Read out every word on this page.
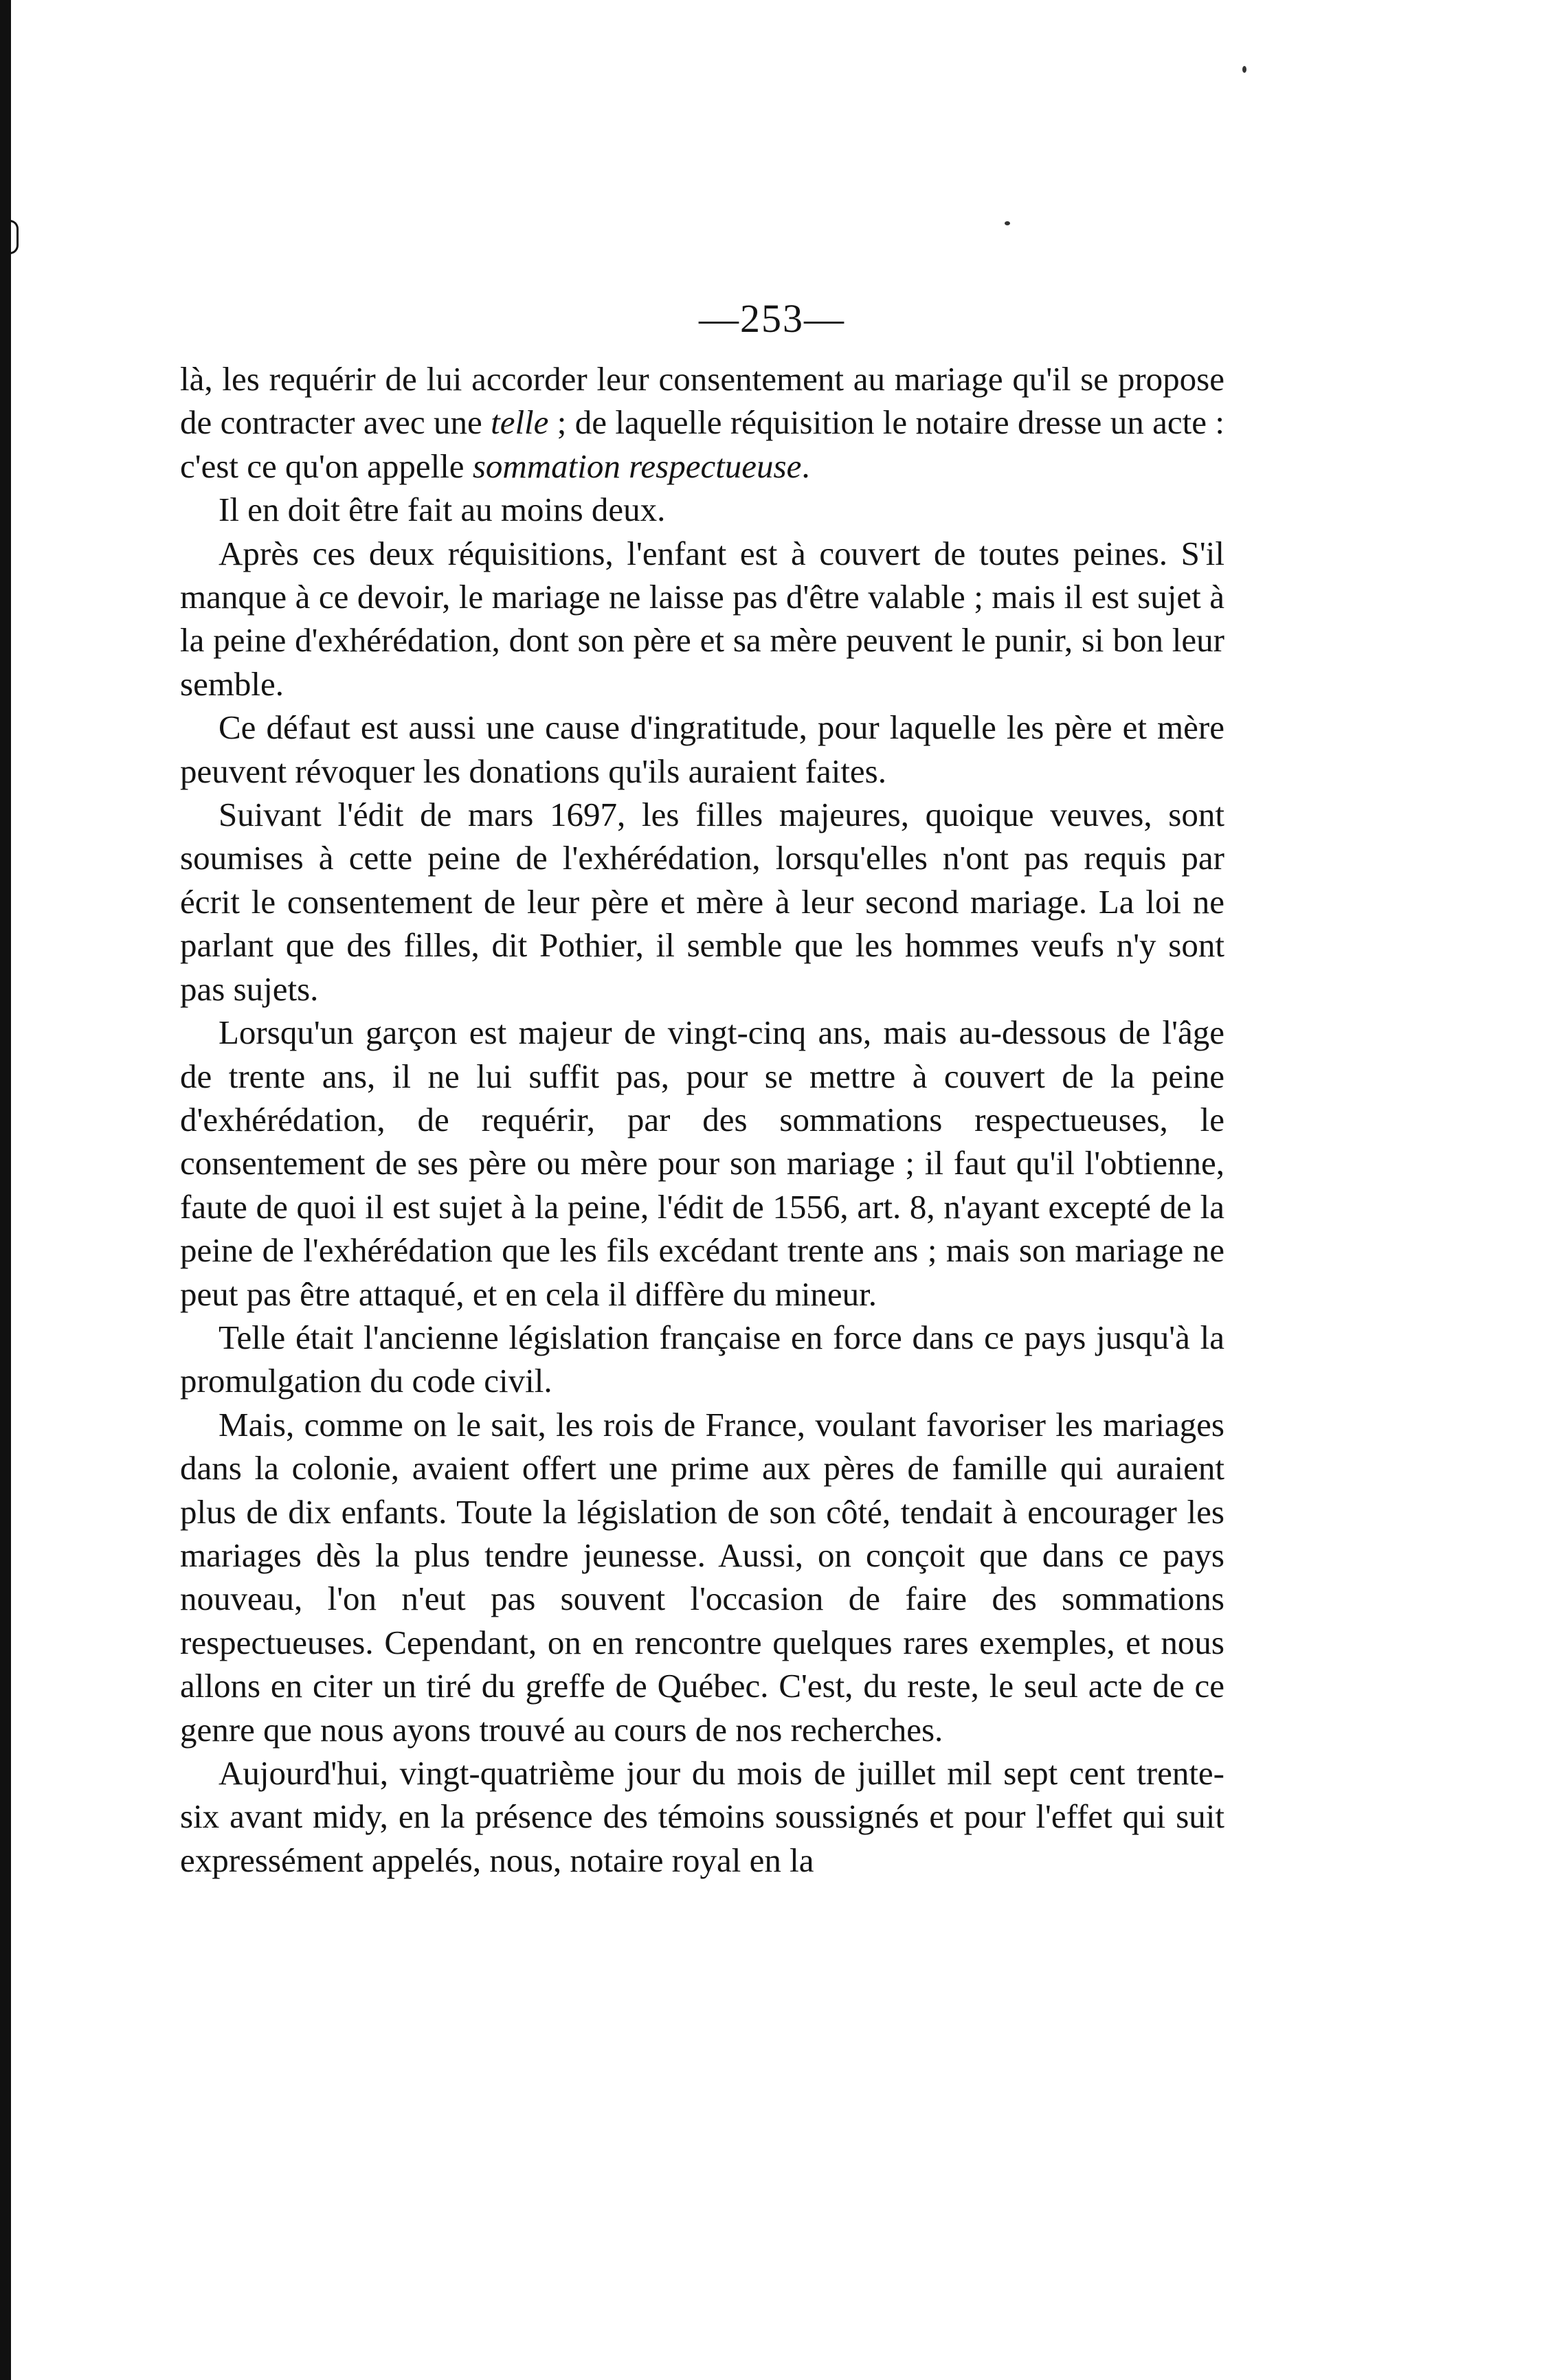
—253—

là, les requérir de lui accorder leur consentement au mariage qu'il se propose de contracter avec une telle ; de laquelle réquisition le notaire dresse un acte : c'est ce qu'on appelle sommation respectueuse.

Il en doit être fait au moins deux.

Après ces deux réquisitions, l'enfant est à couvert de toutes peines. S'il manque à ce devoir, le mariage ne laisse pas d'être valable ; mais il est sujet à la peine d'exhérédation, dont son père et sa mère peuvent le punir, si bon leur semble.

Ce défaut est aussi une cause d'ingratitude, pour laquelle les père et mère peuvent révoquer les donations qu'ils auraient faites.

Suivant l'édit de mars 1697, les filles majeures, quoique veuves, sont soumises à cette peine de l'exhérédation, lorsqu'elles n'ont pas requis par écrit le consentement de leur père et mère à leur second mariage. La loi ne parlant que des filles, dit Pothier, il semble que les hommes veufs n'y sont pas sujets.

Lorsqu'un garçon est majeur de vingt-cinq ans, mais au-dessous de l'âge de trente ans, il ne lui suffit pas, pour se mettre à couvert de la peine d'exhérédation, de requérir, par des sommations respectueuses, le consentement de ses père ou mère pour son mariage ; il faut qu'il l'obtienne, faute de quoi il est sujet à la peine, l'édit de 1556, art. 8, n'ayant excepté de la peine de l'exhérédation que les fils excédant trente ans ; mais son mariage ne peut pas être attaqué, et en cela il diffère du mineur.

Telle était l'ancienne législation française en force dans ce pays jusqu'à la promulgation du code civil.

Mais, comme on le sait, les rois de France, voulant favoriser les mariages dans la colonie, avaient offert une prime aux pères de famille qui auraient plus de dix enfants. Toute la législation de son côté, tendait à encourager les mariages dès la plus tendre jeunesse. Aussi, on conçoit que dans ce pays nouveau, l'on n'eut pas souvent l'occasion de faire des sommations respectueuses. Cependant, on en rencontre quelques rares exemples, et nous allons en citer un tiré du greffe de Québec. C'est, du reste, le seul acte de ce genre que nous ayons trouvé au cours de nos recherches.

Aujourd'hui, vingt-quatrième jour du mois de juillet mil sept cent trente-six avant midy, en la présence des témoins soussignés et pour l'effet qui suit expressément appelés, nous, notaire royal en la
